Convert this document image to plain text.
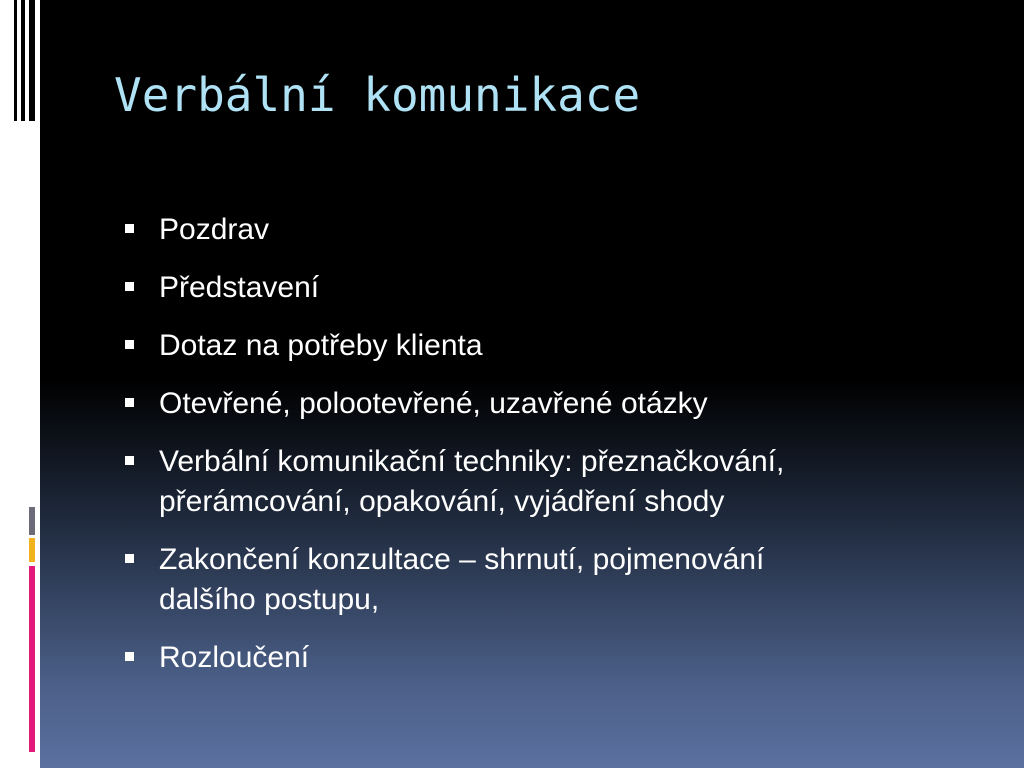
Verbální komunikace
Pozdrav
Představení
Dotaz na potřeby klienta
Otevřené, polootevřené, uzavřené otázky
Verbální komunikační techniky: přeznačkování,
přerámcování, opakování, vyjádření shody
Zakončení konzultace – shrnutí, pojmenování
dalšího postupu,
Rozloučení
